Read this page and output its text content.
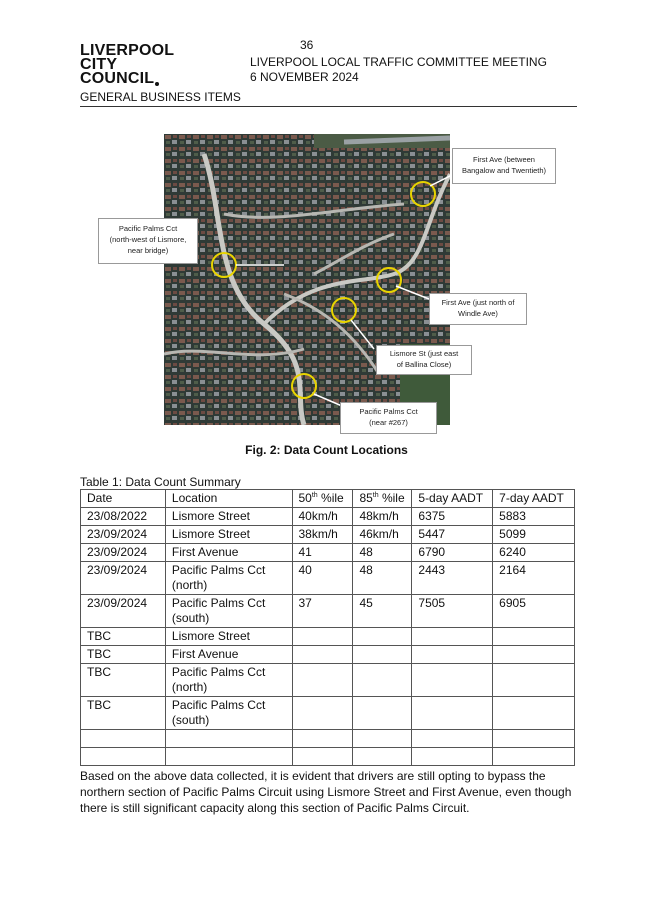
36
LIVERPOOL
CITY
COUNCIL
LIVERPOOL LOCAL TRAFFIC COMMITTEE MEETING
6 NOVEMBER 2024
GENERAL BUSINESS ITEMS
First Ave (between
Bangalow and Twentieth)
Pacific Palms Cct
(north-west of Lismore,
near bridge)
First Ave (just north of
Windle Ave)
Lismore St (just east
of Ballina Close)
Pacific Palms Cct
(near #267)
Fig. 2: Data Count Locations
Table 1: Data Count Summary
Date	Location	50th %ile	85th %ile	5-day AADT	7-day AADT
23/08/2022	Lismore Street	40km/h	48km/h	6375	5883
23/09/2024	Lismore Street	38km/h	46km/h	5447	5099
23/09/2024	First Avenue	41	48	6790	6240
23/09/2024	Pacific Palms Cct
(north)	40	48	2443	2164
23/09/2024	Pacific Palms Cct
(south)	37	45	7505	6905
TBC	Lismore Street				

TBC	First Avenue				

TBC	Pacific Palms Cct
(north)				

TBC	Pacific Palms Cct
(south)				

Based on the above data collected, it is evident that drivers are still opting to bypass the northern section of Pacific Palms Circuit using Lismore Street and First Avenue, even though there is still significant capacity along this section of Pacific Palms Circuit.
